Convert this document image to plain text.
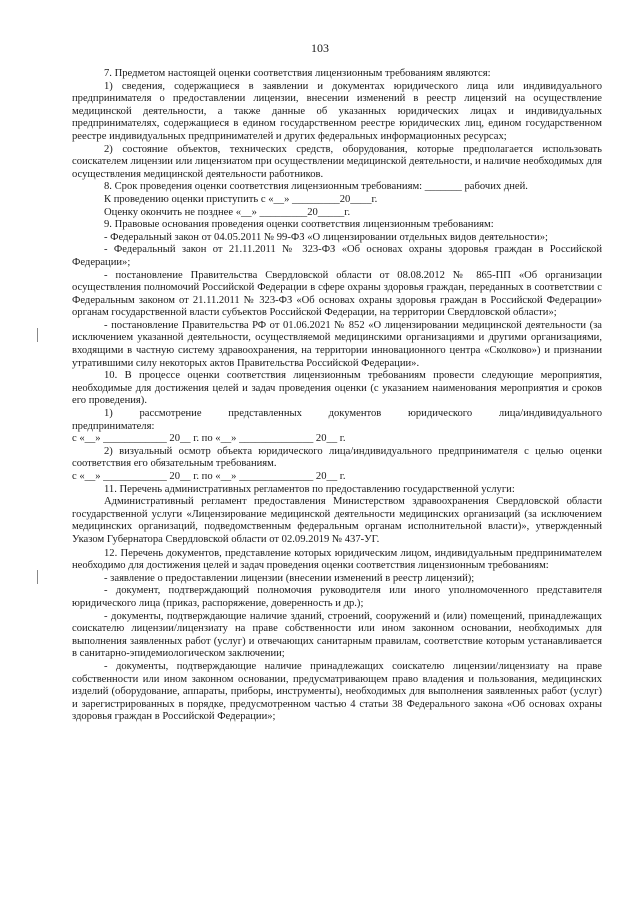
103

7. Предметом настоящей оценки соответствия лицензионным требованиям являются:

1) сведения, содержащиеся в заявлении и документах юридического лица или индивидуального предпринимателя о предоставлении лицензии, внесении изменений в реестр лицензий на осуществление медицинской деятельности, а также данные об указанных юридических лицах и индивидуальных предпринимателях, содержащиеся в едином государственном реестре юридических лиц, едином государственном реестре индивидуальных предпринимателей и других федеральных информационных ресурсах;

2) состояние объектов, технических средств, оборудования, которые предполагается использовать соискателем лицензии или лицензиатом при осуществлении медицинской деятельности, и наличие необходимых для осуществления медицинской деятельности работников.

8. Срок проведения оценки соответствия лицензионным требованиям: _______ рабочих дней.

К проведению оценки приступить с «__» _________20____г.

Оценку окончить не позднее «__» _________20_____г.

9. Правовые основания проведения оценки соответствия лицензионным требованиям:

- Федеральный закон от 04.05.2011 № 99-ФЗ «О лицензировании отдельных видов деятельности»;

- Федеральный закон от 21.11.2011 № 323-ФЗ «Об основах охраны здоровья граждан в Российской Федерации»;

- постановление Правительства Свердловской области от 08.08.2012 № 865-ПП «Об организации осуществления полномочий Российской Федерации в сфере охраны здоровья граждан, переданных в соответствии с Федеральным законом от 21.11.2011 № 323-ФЗ «Об основах охраны здоровья граждан в Российской Федерации» органам государственной власти субъектов Российской Федерации, на территории Свердловской области»;

- постановление Правительства РФ от 01.06.2021 № 852 «О лицензировании медицинской деятельности (за исключением указанной деятельности, осуществляемой медицинскими организациями и другими организациями, входящими в частную систему здравоохранения, на территории инновационного центра «Сколково») и признании утратившими силу некоторых актов Правительства Российской Федерации».

10. В процессе оценки соответствия лицензионным требованиям провести следующие мероприятия, необходимые для достижения целей и задач проведения оценки (с указанием наименования мероприятия и сроков его проведения).

1) рассмотрение представленных документов юридического лица/индивидуального

предпринимателя:

с «__» ____________ 20__ г. по «__» ______________ 20__ г.

2) визуальный осмотр объекта юридического лица/индивидуального предпринимателя с целью оценки соответствия его обязательным требованиям.

с «__» ____________ 20__ г. по «__» ______________ 20__ г.

11. Перечень административных регламентов по предоставлению государственной услуги:

Административный регламент предоставления Министерством здравоохранения Свердловской области государственной услуги «Лицензирование медицинской деятельности медицинских организаций (за исключением медицинских организаций, подведомственным федеральным органам исполнительной власти)», утвержденный Указом Губернатора Свердловской области от 02.09.2019 № 437-УГ.

12. Перечень документов, представление которых юридическим лицом, индивидуальным предпринимателем необходимо для достижения целей и задач проведения оценки соответствия лицензионным требованиям:

- заявление о предоставлении лицензии (внесении изменений в реестр лицензий);

- документ, подтверждающий полномочия руководителя или иного уполномоченного представителя юридического лица (приказ, распоряжение, доверенность и др.);

- документы, подтверждающие наличие зданий, строений, сооружений и (или) помещений, принадлежащих соискателю лицензии/лицензиату на праве собственности или ином законном основании, необходимых для выполнения заявленных работ (услуг) и отвечающих санитарным правилам, соответствие которым устанавливается в санитарно-эпидемиологическом заключении;

- документы, подтверждающие наличие принадлежащих соискателю лицензии/лицензиату на праве собственности или ином законном основании, предусматривающем право владения и пользования, медицинских изделий (оборудование, аппараты, приборы, инструменты), необходимых для выполнения заявленных работ (услуг) и зарегистрированных в порядке, предусмотренном частью 4 статьи 38 Федерального закона «Об основах охраны здоровья граждан в Российской Федерации»;
